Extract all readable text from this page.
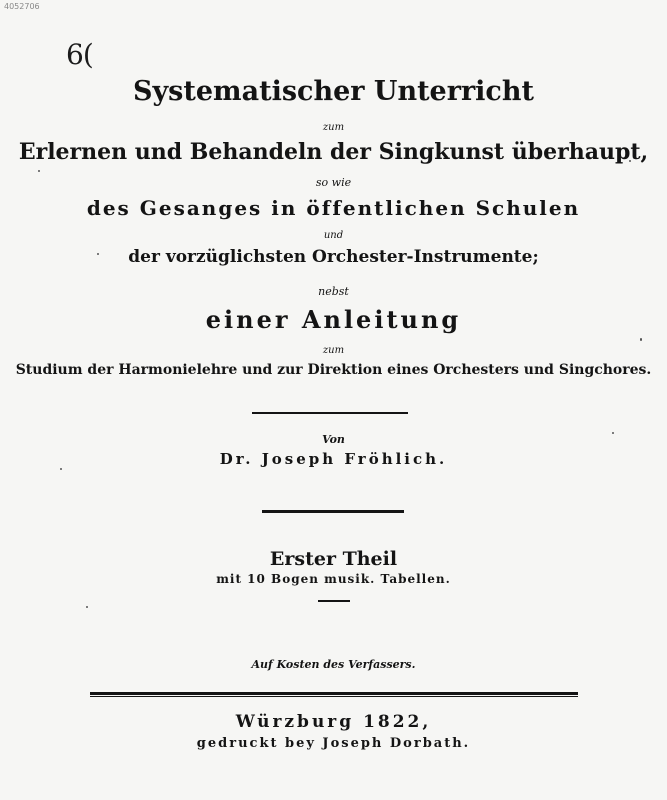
4052706
6(
Systematischer Unterricht
zum
Erlernen und Behandeln der Singkunst überhaupt,
so wie
des Gesanges in öffentlichen Schulen
und
der vorzüglichsten Orchester-Instrumente;
nebst
einer Anleitung
zum
Studium der Harmonielehre und zur Direktion eines Orchesters und Singchores.
Von
Dr. Joseph Fröhlich.
Erster Theil
mit 10 Bogen musik. Tabellen.
Auf Kosten des Verfassers.
Würzburg 1822,
gedruckt bey Joseph Dorbath.
